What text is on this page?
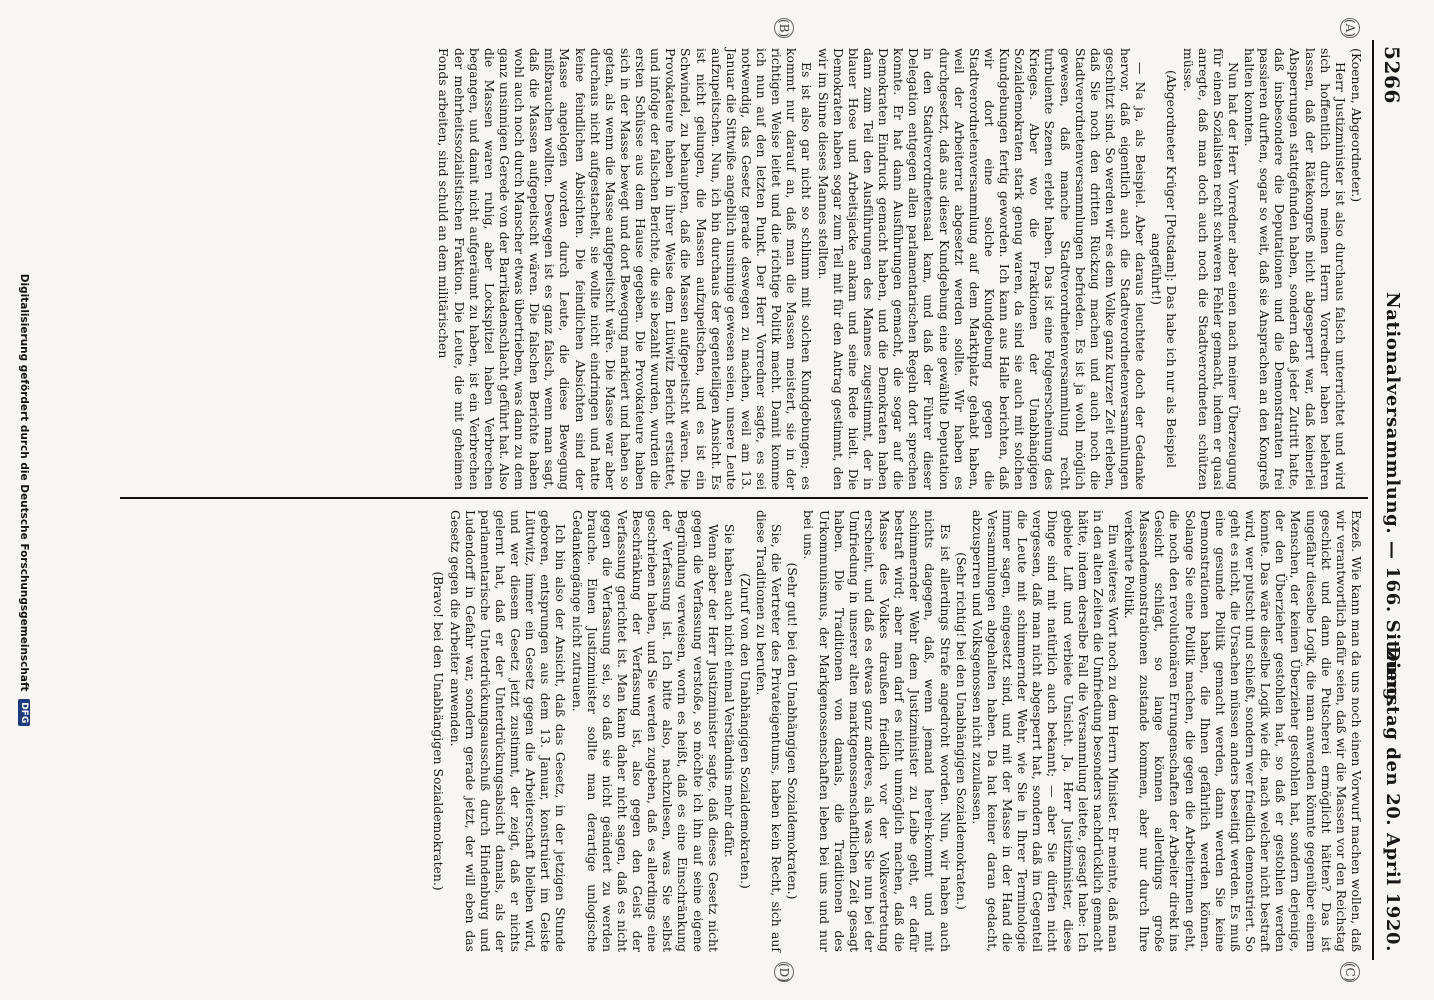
5266
Nationalversammlung. — 166. Sitzung.
Dienstag den 20. April 1920.
(A)
(B)
(C)
(D)

(Koenen, Abgeordneter.)

Herr Justizminister ist also durchaus falsch unterrichtet und wird sich hoffentlich durch meinen Herrn Vorredner haben belehren lassen, daß der Rätekongreß nicht abgesperrt war, daß keinerlei Absperrungen stattgefunden haben, sondern daß jeder Zutritt hatte, daß insbesondere die Deputationen und die Demonstranten frei passieren durften, sogar so weit, daß sie Ansprachen an den Kongreß halten konnten.

Nun hat der Herr Vorredner aber einen nach meiner Überzeugung für einen Sozialisten recht schweren Fehler gemacht, indem er quasi anregte, daß man doch auch noch die Stadtverordneten schützen müsse.

(Abgeordneter Krüger [Potsdam]: Das habe ich nur als Beispiel angeführt!)

— Na ja, als Beispiel. Aber daraus leuchtete doch der Gedanke hervor, daß eigentlich auch die Stadtverordnetenversammlungen geschützt sind. So werden wir es dem Volke ganz kurzer Zeit erleben, daß Sie noch den dritten Rückzug machen und auch noch die Stadtverordnetenversammlungen befrieden. Es ist ja wohl möglich gewesen, daß manche Stadtverordnetenversammlung recht turbulente Szenen erlebt haben. Das ist eine Folgeerscheinung des Krieges. Aber wo die Fraktionen der Unabhängigen Sozialdemokraten stark genug waren, da sind sie auch mit solchen Kundgebungen fertig geworden. Ich kann aus Halle berichten, daß wir dort eine solche Kundgebung gegen die Stadtverordnetenversammlung auf dem Marktplatz gehabt haben, weil der Arbeiterrat abgesetzt werden sollte. Wir haben es durchgesetzt, daß aus dieser Kundgebung eine gewählte Deputation in den Stadtverordnetensaal kam, und daß der Führer dieser Delegation entgegen allen parlamentarischen Regeln dort sprechen konnte. Er hat dann Ausführungen gemacht, die sogar auf die Demokraten Eindruck gemacht haben, und die Demokraten haben dann zum Teil den Ausführungen des Mannes zugestimmt, der in blauer Hose und Arbeitsjacke ankam und seine Rede hielt. Die Demokraten haben sogar zum Teil mit für den Antrag gestimmt, den wir im Sinne dieses Mannes stellten.

Es ist also gar nicht so schlimm mit solchen Kundgebungen; es kommt nur darauf an, daß man die Massen meistert, sie in der richtigen Weise leitet und die richtige Politik macht. Damit komme ich nun auf den letzten Punkt. Der Herr Vorredner sagte, es sei notwendig, das Gesetz gerade deswegen zu machen, weil am 13. Januar die Sittwiße angeblich unsinnige gewesen seien, unsere Leute aufzupeitschen. Nun, ich bin durchaus der gegenteiligen Ansicht. Es ist nicht gelungen, die Massen aufzupeitschen, und es ist ein Schwindel, zu behaupten, daß die Massen aufgepeitscht wären. Die Provokateure haben in ihrer Weise dem Lütiwitz Bericht erstattet, und infolge der falschen Berichte, die sie bezahlt wurden, wurden die ersten Schüsse aus dem Hause gegeben. Die Provokateure haben sich in der Masse bewegt und dort Bewegung markiert und haben so getan, als wenn die Masse aufgepeitscht wäre. Die Masse war aber durchaus nicht aufgestachelt, sie wollte nicht eindringen und hatte keine feindlichen Absichten. Die feindlichen Absichten sind der Masse angelogen worden durch Leute, die diese Bewegung mißbrauchen wollten. Deswegen ist es ganz falsch, wenn man sagt, daß die Massen aufgepeitscht wären. Die falschen Berichte haben wohl auch noch durch Manscher etwas übertrieben, was dann zu dem ganz unsinnigen Gerede von der Barrikadenschlacht geführt hat. Also die Massen waren ruhig, aber Lockspitzel haben Verbrechen begangen, und damit nicht aufgeräumt zu haben, ist ein Verbrechen der mehrheitssozialistischen Fraktion. Die Leute, die mit geheimen Fonds arbeiten, sind schuld an dem militärischen

Exzeß. Wie kann man da uns noch einen Vorwurf machen wollen, daß wir verantwortlich dafür seien, daß wir die Massen vor den Reichstag geschickt und dann die Putscherei ermöglicht hätten? Das ist ungefähr dieselbe Logik, die man anwenden könnte gegenüber einem Menschen, der keinen Überzieher gestohlen hat, sondern derjenige, der den Überzieher gestohlen hat, so daß er gestohlen werden konnte. Das wäre dieselbe Logik wie die, nach welcher nicht bestraft wird, wer putscht und schießt, sondern wer friedlich demonstriert. So geht es nicht, die Ursachen müssen anders beseitigt werden. Es muß eine gesunde Politik gemacht werden, dann werden Sie keine Demonstrationen haben, die Ihnen gefährlich werden können. Solange Sie eine Politik machen, die gegen die Arbeiterinnen geht, die noch den revolutionären Errungenschaften der Arbeiter direkt ins Gesicht schlägt, so lange können allerdings große Massendemonstrationen zustande kommen, aber nur durch Ihre verkehrte Politik.

Ein weiteres Wort noch zu dem Herrn Minister. Er meinte, daß man in den alten Zeiten die Umfriedung besonders nachdrücklich gemacht hätte, indem derselbe Fall die Versammlung leitete, gesagt habe: Ich gebiete Luft und verbiete Unsicht. Ja, Herr Justizminister, diese Dinge sind mit natürlich auch bekannt; — aber Sie dürfen nicht vergessen, daß man nicht abgesperrt hat, sondern daß im Gegenteil die Leute mit schimmernder Wehr, wie Sie in Ihrer Terminologie immer sagen, eingesetzt sind, und mit der Masse in der Hand die Versammlungen abgehalten haben. Da hat keiner daran gedacht, abzusperren und Volksgenossen nicht zuzulassen.

(Sehr richtig! bei den Unabhängigen Sozialdemokraten.)

Es ist allerdings Strafe angedroht worden. Nun, wir haben auch nichts dagegen, daß, wenn jemand herein-kommt und mit schimmernder Wehr dem Justizminister zu Leibe geht, er dafür bestraft wird; aber man darf es nicht unmöglich machen, daß die Masse des Volkes draußen friedlich vor der Volksvertretung erscheint, und daß es etwas ganz anderes, als was Sie nun bei der Umfriedung in unserer alten marktgenossenschaftlichen Zeit gesagt haben. Die Traditionen von damals, die Traditionen des Urkommunismus, der Markgenossenschaften leben bei uns und nur bei uns.

(Sehr gut! bei den Unabhängigen Sozialdemokraten.)

Sie, die Vertreter des Privateigentums, haben kein Recht, sich auf diese Traditionen zu berufen.

(Zuruf von den Unabhängigen Sozialdemokraten.)

Sie haben auch nicht einmal Verständnis mehr dafür.

Wenn aber der Herr Justizminister sagte, daß dieses Gesetz nicht gegen die Verfassung verstoße, so möchte ich ihn auf seine eigene Begründung verweisen, worin es heißt, daß es eine Einschränkung der Verfassung ist. Ich bitte also, nachzulesen, was Sie selbst geschrieben haben, und Sie werden zugeben, daß es allerdings eine Beschränkung der Verfassung ist, also gegen den Geist der Verfassung gerichtet ist. Man kann daher nicht sagen, daß es nicht gegen die Verfassung sei, so daß sie nicht geändert zu werden brauche. Einen Justizminister sollte man derartige unlogische Gedankengänge nicht zutrauen.

Ich bin also der Ansicht, daß das Gesetz, in der jetzigen Stunde geboren, entsprungen aus dem 13. Januar, konstruiert im Geiste Lüttwitz, immer ein Gesetz gegen die Arbeiterschaft bleiben wird, und wer diesem Gesetz jetzt zustimmt, der zeigt, daß er nichts gelernt hat, daß er der Unterdrückungsabsicht damals, als der parlamentarische Unterdrückungsausschuß durch Hindenburg und Ludendorff in Gefahr war, sondern gerade jetzt, der will eben das Gesetz gegen die Arbeiter anwenden.

(Bravo! bei den Unabhängigen Sozialdemokraten.)

Digitalisierung gefördert durch die Deutsche Forschungsgemeinschaft DFG
